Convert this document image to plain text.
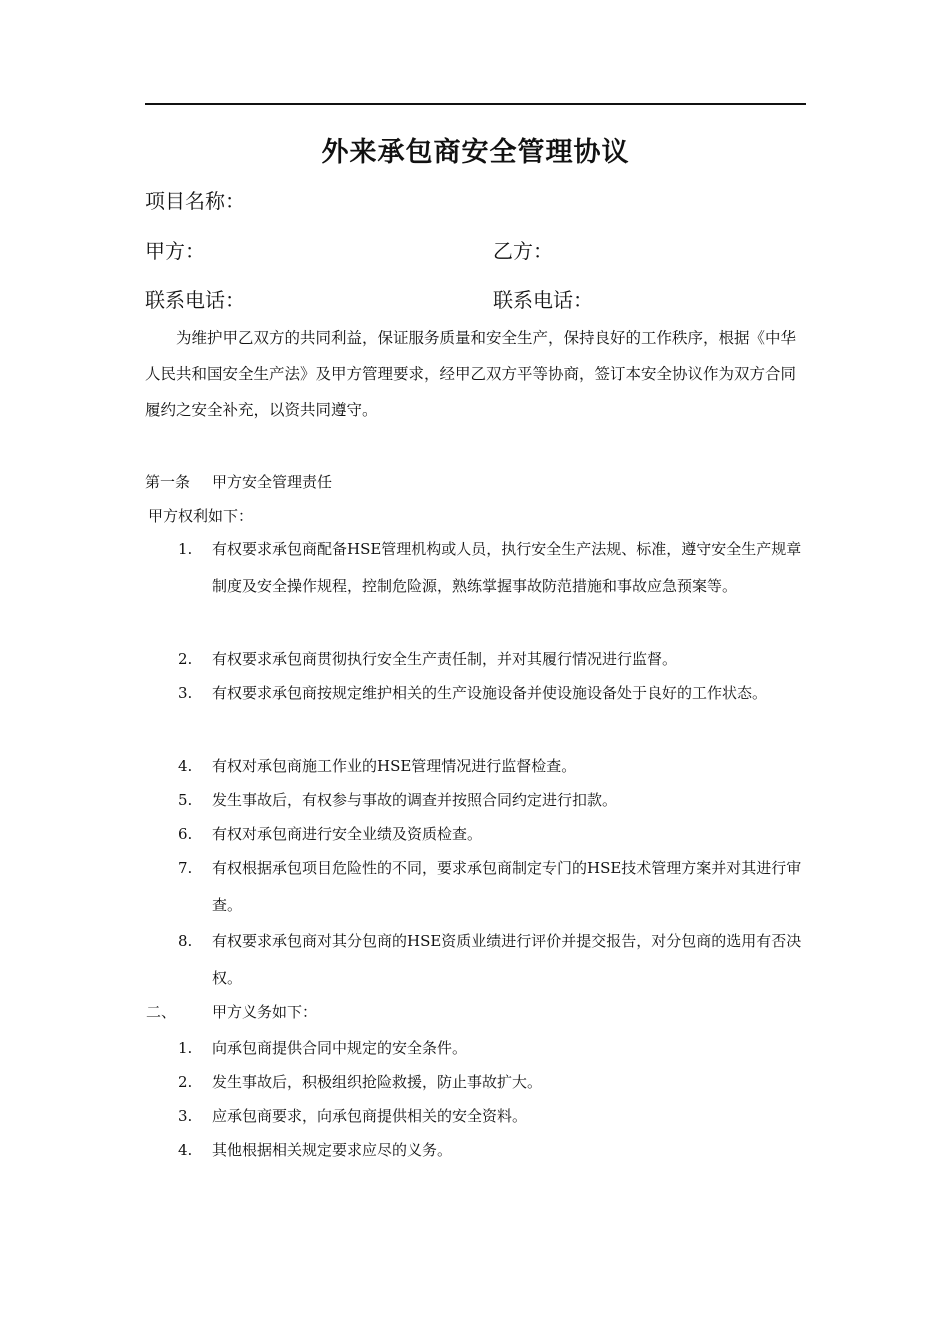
外来承包商安全管理协议
项目名称：
甲方：	乙方：
联系电话：	联系电话：
为维护甲乙双方的共同利益，保证服务质量和安全生产，保持良好的工作秩序，根据《中华人民共和国安全生产法》及甲方管理要求，经甲乙双方平等协商，签订本安全协议作为双方合同履约之安全补充，以资共同遵守。
第一条 甲方安全管理责任
甲方权利如下：
1.	有权要求承包商配备HSE管理机构或人员，执行安全生产法规、标准，遵守安全生产规章制度及安全操作规程，控制危险源，熟练掌握事故防范措施和事故应急预案等。
2.	有权要求承包商贯彻执行安全生产责任制，并对其履行情况进行监督。
3.	有权要求承包商按规定维护相关的生产设施设备并使设施设备处于良好的工作状态。
4.	有权对承包商施工作业的HSE管理情况进行监督检查。
5.	发生事故后，有权参与事故的调查并按照合同约定进行扣款。
6.	有权对承包商进行安全业绩及资质检查。
7.	有权根据承包项目危险性的不同，要求承包商制定专门的HSE技术管理方案并对其进行审查。
8.	有权要求承包商对其分包商的HSE资质业绩进行评价并提交报告，对分包商的选用有否决权。
二、 甲方义务如下：
1.	向承包商提供合同中规定的安全条件。
2.	发生事故后，积极组织抢险救援，防止事故扩大。
3.	应承包商要求，向承包商提供相关的安全资料。
4.	其他根据相关规定要求应尽的义务。
